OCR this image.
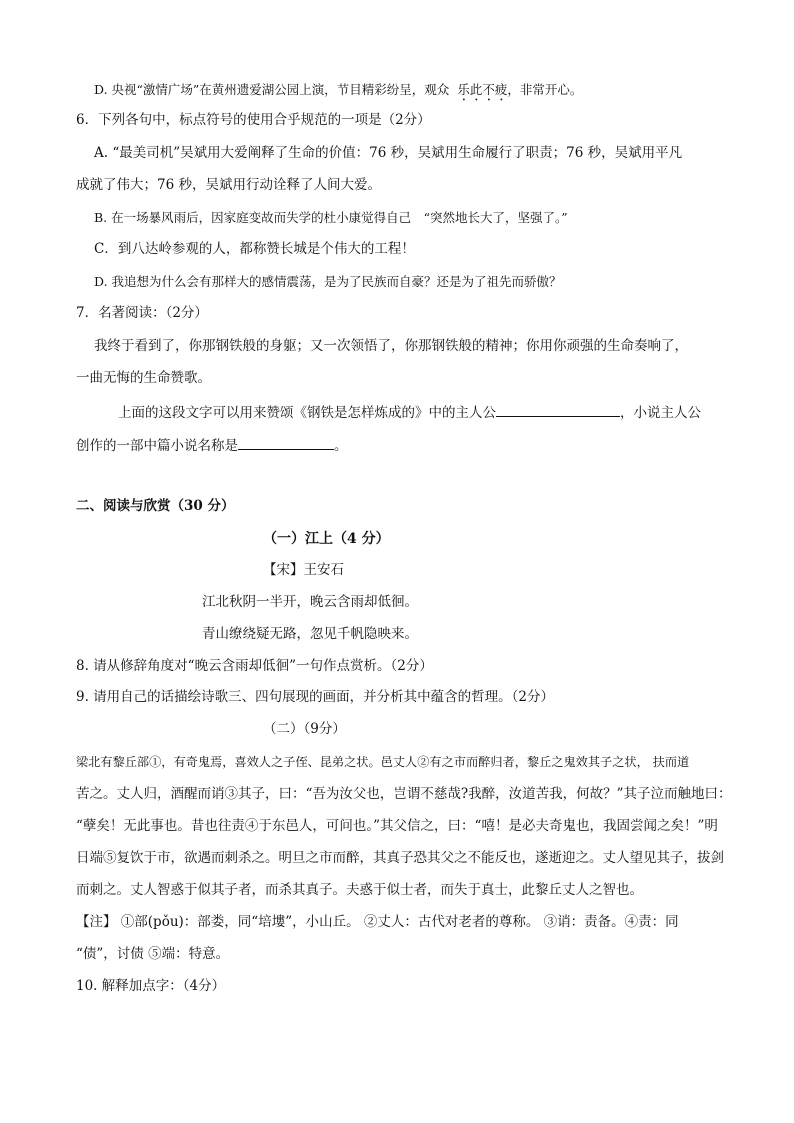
D. 央视“激情广场”在黄州遗爱湖公园上演，节目精彩纷呈，观众 乐此不疲，非常开心。
6．下列各句中，标点符号的使用合乎规范的一项是（2分）
A. “最美司机”吴斌用大爱阐释了生命的价值：76 秒，吴斌用生命履行了职责；76 秒，吴斌用平凡
成就了伟大；76 秒，吴斌用行动诠释了人间大爱。
B. 在一场暴风雨后，因家庭变故而失学的杜小康觉得自己　“突然地长大了，坚强了。”
C．到八达岭参观的人，都称赞长城是个伟大的工程！
D. 我追想为什么会有那样大的感情震荡，是为了民族而自豪？还是为了祖先而骄傲？
7．名著阅读：（2分）
我终于看到了，你那钢铁般的身躯；又一次领悟了，你那钢铁般的精神；你用你顽强的生命奏响了，
一曲无悔的生命赞歌。
上面的这段文字可以用来赞颂《钢铁是怎样炼成的》中的主人公	，小说主人公
创作的一部中篇小说名称是	。
二、阅读与欣赏（30 分）
（一）江上（4 分）
【宋】王安石
江北秋阴一半开，晚云含雨却低徊。
青山缭绕疑无路，忽见千帆隐映来。
8. 请从修辞角度对“晚云含雨却低徊”一句作点赏析。（2分）
9. 请用自己的话描绘诗歌三、四句展现的画面，并分析其中蕴含的哲理。（2分）
（二）（9分）
梁北有黎丘部①，有奇鬼焉，喜效人之子侄、昆弟之状。邑丈人②有之市而醉归者，黎丘之鬼效其子之状， 扶而道
苦之。丈人归，酒醒而诮③其子，曰：“吾为汝父也，岂谓不慈哉?我醉，汝道苦我，何故？”其子泣而触地曰：
“孽矣！无此事也。昔也往责④于东邑人，可问也。”其父信之，曰：“嘻！是必夫奇鬼也，我固尝闻之矣！”明
日端⑤复饮于市，欲遇而刺杀之。明旦之市而醉，其真子恐其父之不能反也，遂逝迎之。丈人望见其子，拔剑
而刺之。丈人智惑于似其子者，而杀其真子。夫惑于似士者，而失于真士，此黎丘丈人之智也。
【注】 ①部(pǒu)：部娄，同“培塿”，小山丘。 ②丈人：古代对老者的尊称。 ③诮：责备。④责：同
“债”，讨债 ⑤端：特意。
10. 解释加点字：（4分）
